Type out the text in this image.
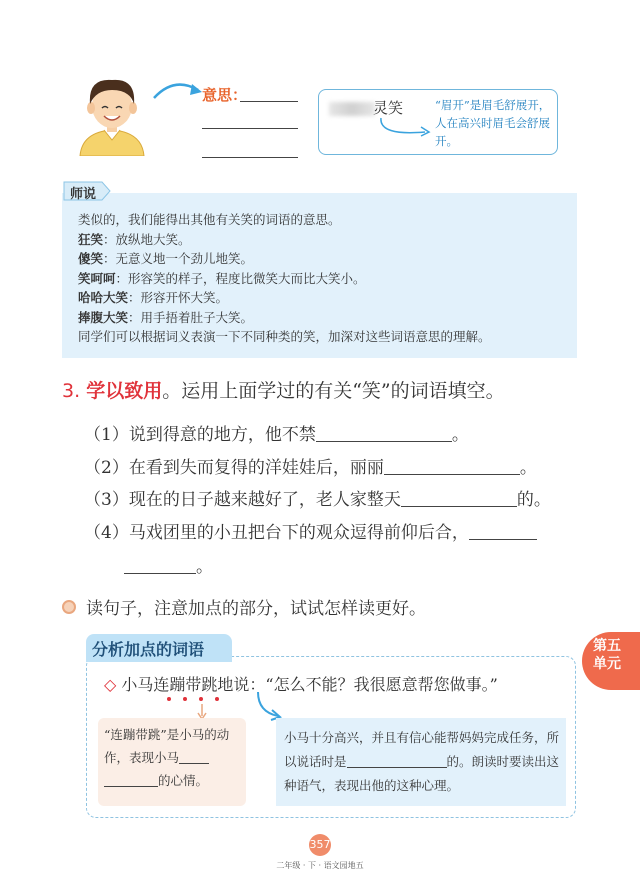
意思：
灵笑	“眉开”是眉毛舒展开，人在高兴时眉毛会舒展开。
师说
类似的，我们能得出其他有关笑的词语的意思。
狂笑：放纵地大笑。
傻笑：无意义地一个劲儿地笑。
笑呵呵：形容笑的样子，程度比微笑大而比大笑小。
哈哈大笑：形容开怀大笑。
捧腹大笑：用手捂着肚子大笑。
同学们可以根据词义表演一下不同种类的笑，加深对这些词语意思的理解。
3. 学以致用。运用上面学过的有关“笑”的词语填空。
（1）说到得意的地方，他不禁	。
（2）在看到失而复得的洋娃娃后，丽丽	。
（3）现在的日子越来越好了，老人家整天	的。
（4）马戏团里的小丑把台下的观众逗得前仰后合，
。
读句子，注意加点的部分，试试怎样读更好。
分析加点的词语
◇ 小马连蹦带跳地说：“怎么不能？我很愿意帮您做事。”
“连蹦带跳”是小马的动作，表现小马
的心情。
小马十分高兴，并且有信心能帮妈妈完成任务，所以说话时是	的。朗读时要读出这种语气，表现出他的这种心理。
第五单元
357
二年级 · 下 · 语文园地五
